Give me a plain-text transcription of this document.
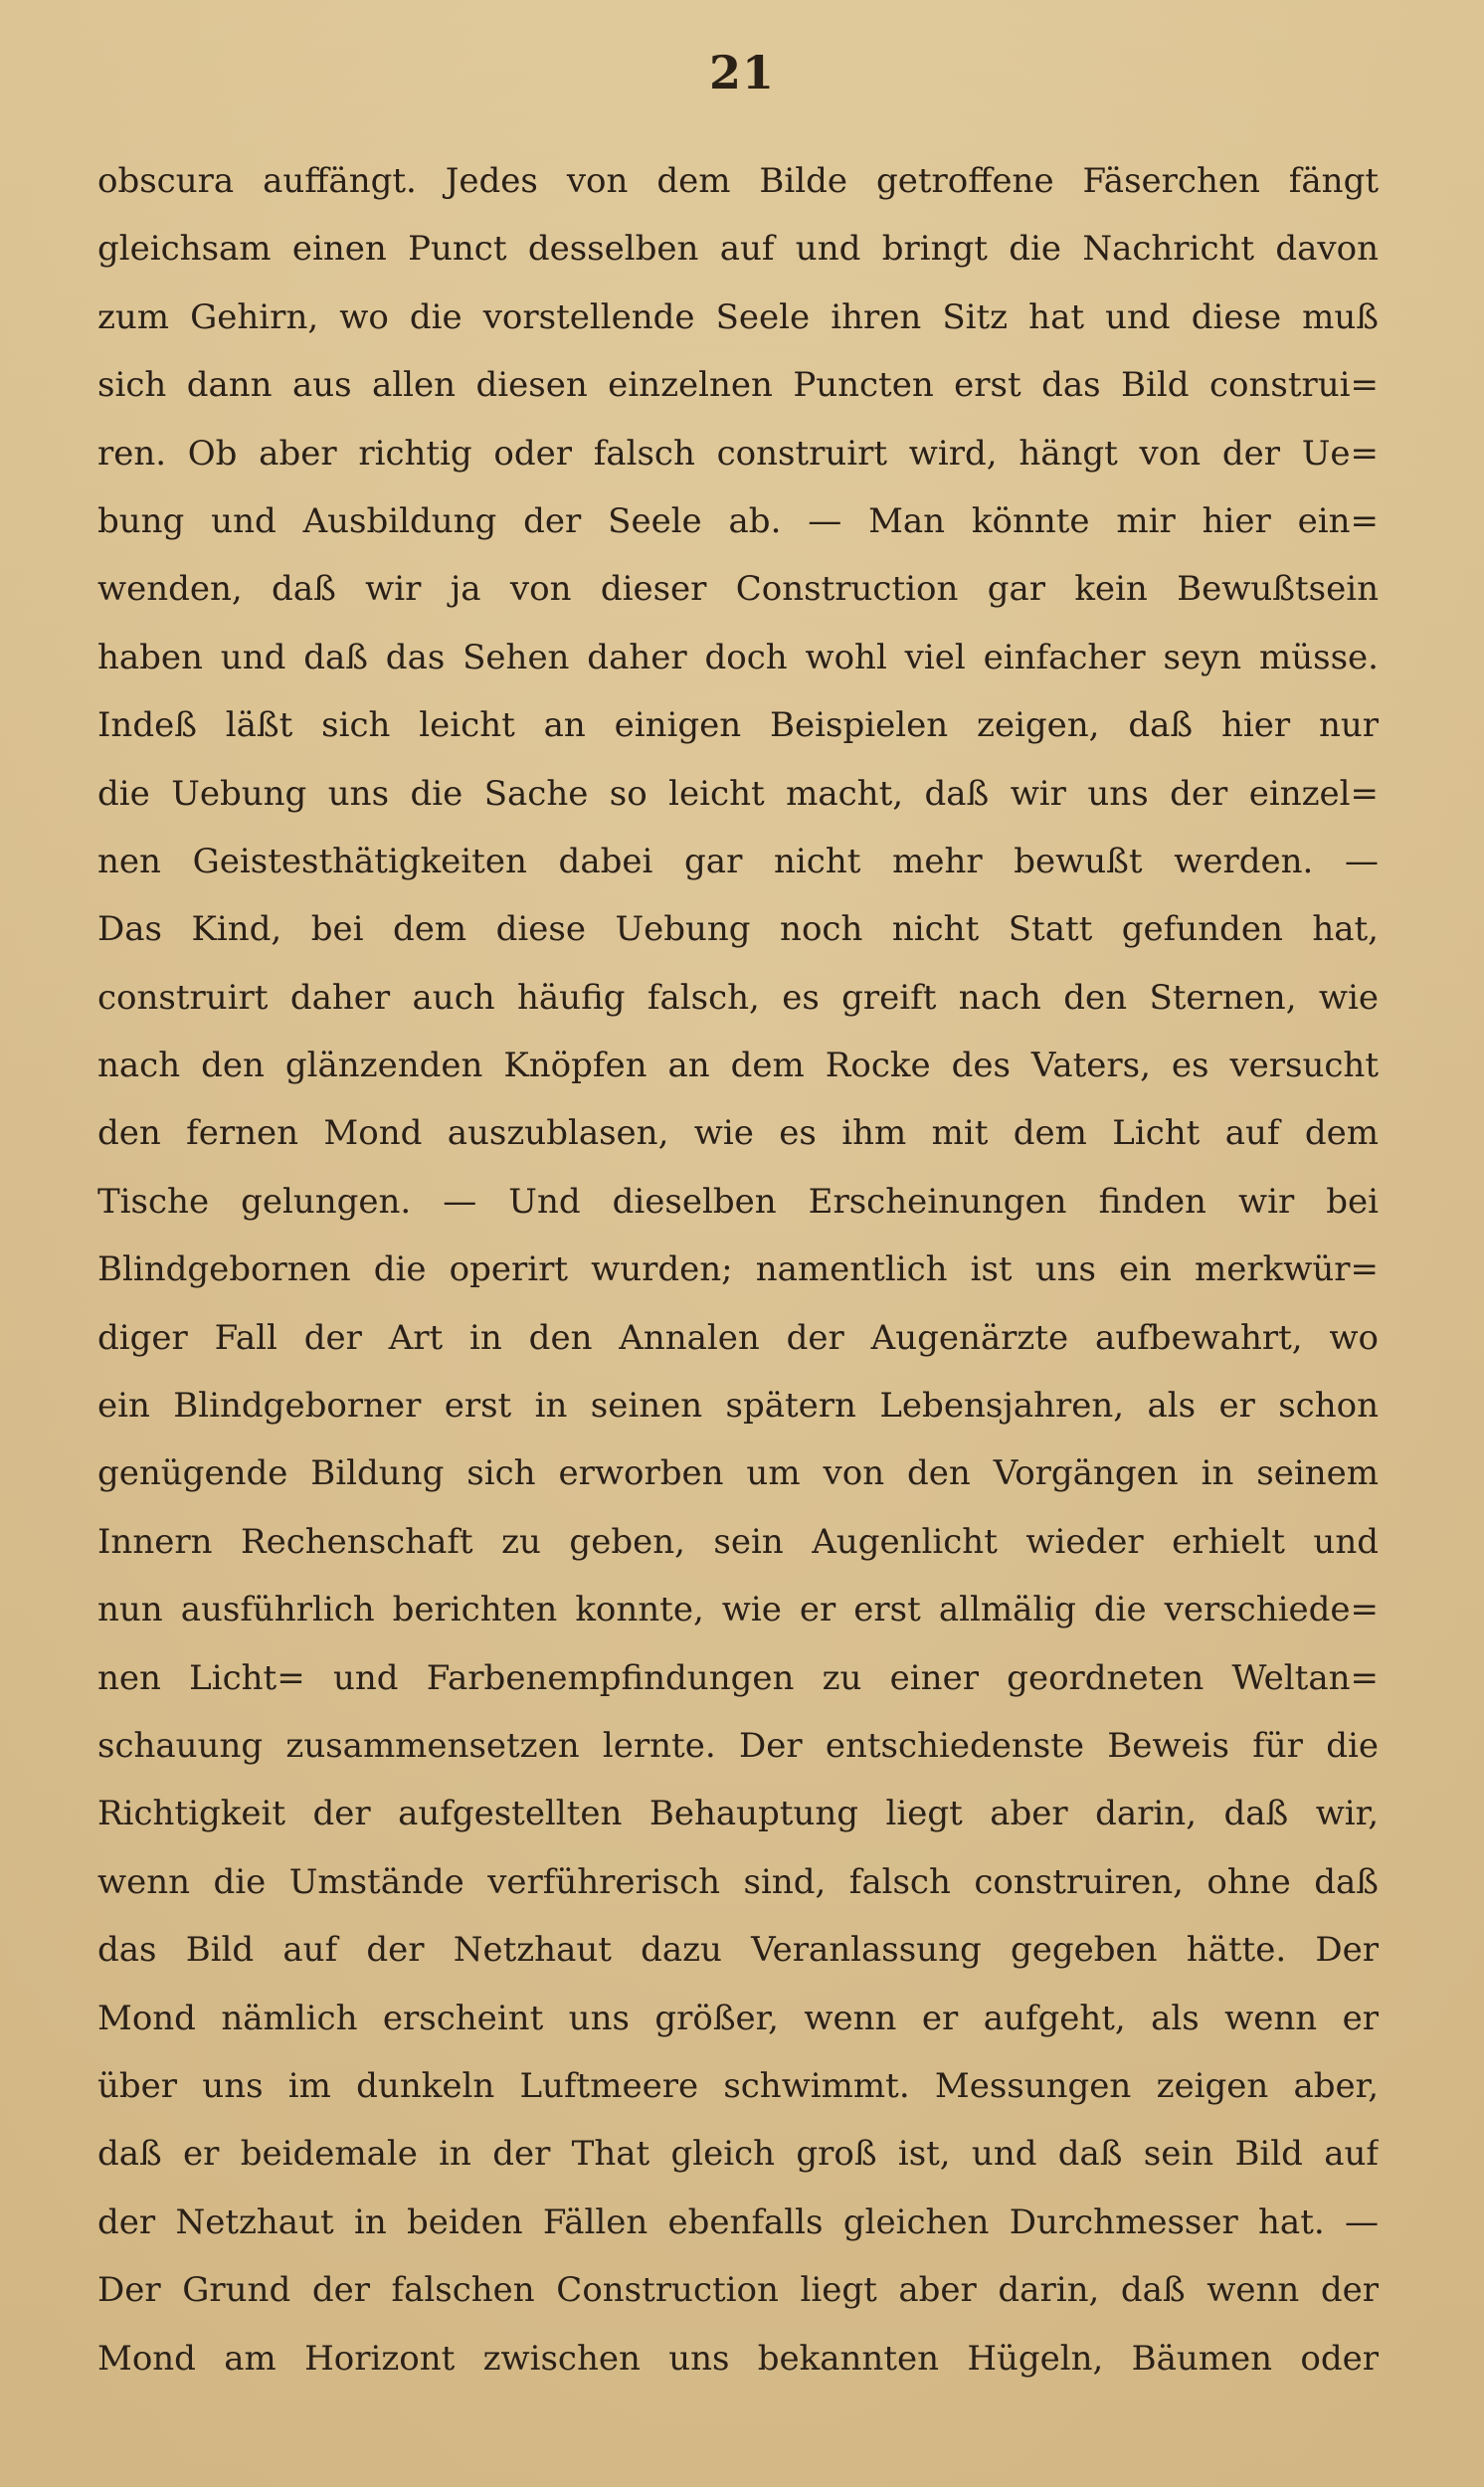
21
obscura auffängt. Jedes von dem Bilde getroffene Fäserchen fängt
gleichsam einen Punct desselben auf und bringt die Nachricht davon
zum Gehirn, wo die vorstellende Seele ihren Sitz hat und diese muß
sich dann aus allen diesen einzelnen Puncten erst das Bild construi=
ren. Ob aber richtig oder falsch construirt wird, hängt von der Ue=
bung und Ausbildung der Seele ab. — Man könnte mir hier ein=
wenden, daß wir ja von dieser Construction gar kein Bewußtsein
haben und daß das Sehen daher doch wohl viel einfacher seyn müsse.
Indeß läßt sich leicht an einigen Beispielen zeigen, daß hier nur
die Uebung uns die Sache so leicht macht, daß wir uns der einzel=
nen Geistesthätigkeiten dabei gar nicht mehr bewußt werden. —
Das Kind, bei dem diese Uebung noch nicht Statt gefunden hat,
construirt daher auch häufig falsch, es greift nach den Sternen, wie
nach den glänzenden Knöpfen an dem Rocke des Vaters, es versucht
den fernen Mond auszublasen, wie es ihm mit dem Licht auf dem
Tische gelungen. — Und dieselben Erscheinungen finden wir bei
Blindgebornen die operirt wurden; namentlich ist uns ein merkwür=
diger Fall der Art in den Annalen der Augenärzte aufbewahrt, wo
ein Blindgeborner erst in seinen spätern Lebensjahren, als er schon
genügende Bildung sich erworben um von den Vorgängen in seinem
Innern Rechenschaft zu geben, sein Augenlicht wieder erhielt und
nun ausführlich berichten konnte, wie er erst allmälig die verschiede=
nen Licht= und Farbenempfindungen zu einer geordneten Weltan=
schauung zusammensetzen lernte. Der entschiedenste Beweis für die
Richtigkeit der aufgestellten Behauptung liegt aber darin, daß wir,
wenn die Umstände verführerisch sind, falsch construiren, ohne daß
das Bild auf der Netzhaut dazu Veranlassung gegeben hätte. Der
Mond nämlich erscheint uns größer, wenn er aufgeht, als wenn er
über uns im dunkeln Luftmeere schwimmt. Messungen zeigen aber,
daß er beidemale in der That gleich groß ist, und daß sein Bild auf
der Netzhaut in beiden Fällen ebenfalls gleichen Durchmesser hat. —
Der Grund der falschen Construction liegt aber darin, daß wenn der
Mond am Horizont zwischen uns bekannten Hügeln, Bäumen oder
